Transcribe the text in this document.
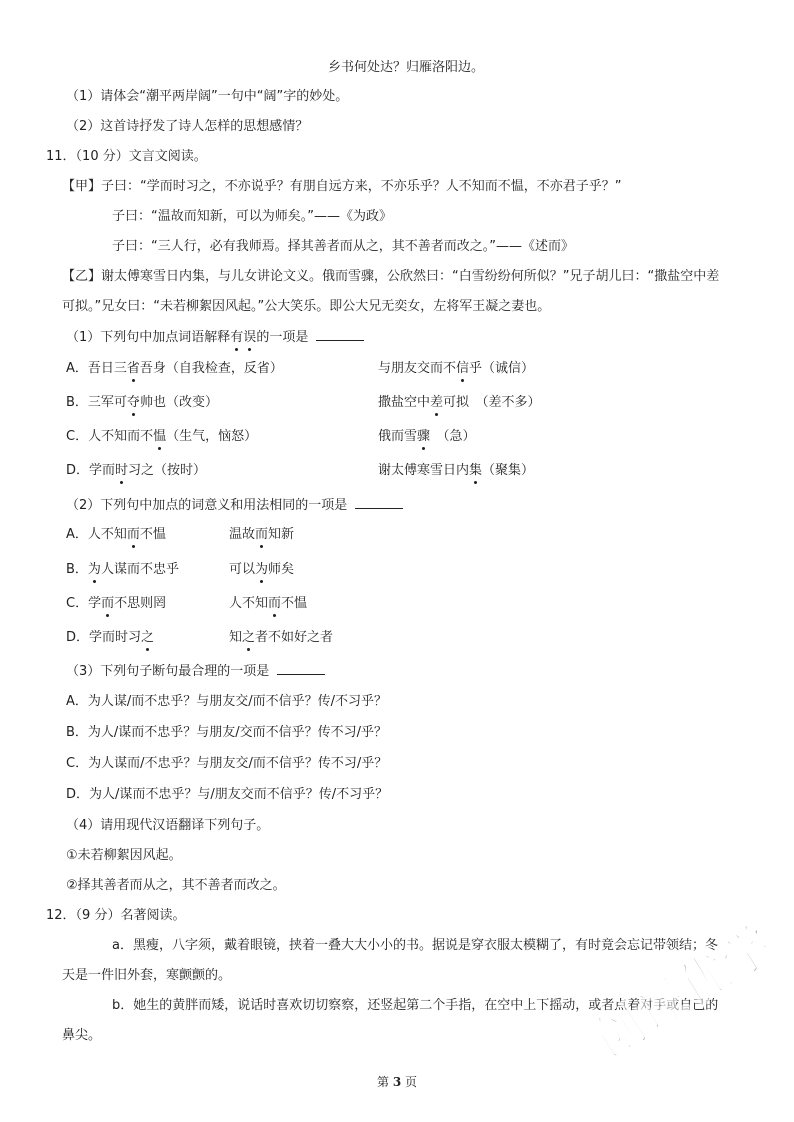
乡书何处达？归雁洛阳边。
（1）请体会“潮平两岸阔”一句中“阔”字的妙处。
（2）这首诗抒发了诗人怎样的思想感情？
11．（10 分）文言文阅读。
【甲】子曰：“学而时习之，不亦说乎？有朋自远方来，不亦乐乎？人不知而不愠，不亦君子乎？”
子曰：“温故而知新，可以为师矣。”——《为政》
子曰：“三人行，必有我师焉。择其善者而从之，其不善者而改之。”——《述而》
【乙】谢太傅寒雪日内集，与儿女讲论文义。俄而雪骤，公欣然曰：“白雪纷纷何所似？”兄子胡儿曰：“撒盐空中差
可拟。”兄女曰：“未若柳絮因风起。”公大笑乐。即公大兄无奕女，左将军王凝之妻也。
（1）下列句中加点词语解释有误的一项是
A．吾日三省吾身（自我检查，反省）	与朋友交而不信乎（诚信）
B．三军可夺帅也（改变）	撒盐空中差可拟　（差不多）
C．人不知而不愠（生气，恼怒）	俄而雪骤　（急）
D．学而时习之（按时）	谢太傅寒雪日内集（聚集）
（2）下列句中加点的词意义和用法相同的一项是
A．人不知而不愠	温故而知新
B．为人谋而不忠乎	可以为师矣
C．学而不思则罔	人不知而不愠
D．学而时习之	知之者不如好之者
（3）下列句子断句最合理的一项是
A．为人谋/而不忠乎？与朋友交/而不信乎？传/不习乎？
B．为人/谋而不忠乎？与朋友/交而不信乎？传不习/乎？
C．为人谋而/不忠乎？与朋友交/而不信乎？传不习/乎？
D．为人/谋而不忠乎？与/朋友交而不信乎？传/不习乎？
（4）请用现代汉语翻译下列句子。
①未若柳絮因风起。
②择其善者而从之，其不善者而改之。
12．（9 分）名著阅读。
a．黑瘦，八字须，戴着眼镜，挟着一叠大大小小的书。据说是穿衣服太模糊了，有时竟会忘记带领结；冬
天是一件旧外套，寒颤颤的。
b．她生的黄胖而矮，说话时喜欢切切察察，还竖起第二个手指，在空中上下摇动，或者点着对手或自己的
鼻尖。
第 3 页
创课优学
